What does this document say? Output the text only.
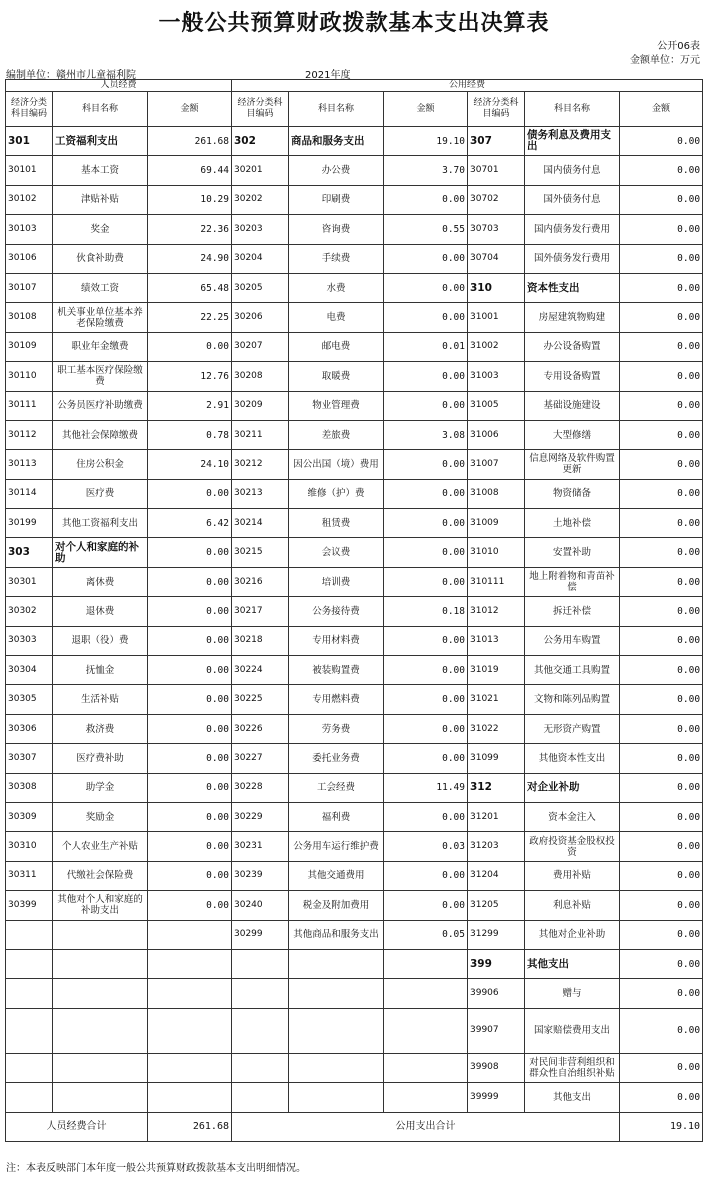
一般公共预算财政拨款基本支出决算表
公开06表
金额单位：万元
编制单位：赣州市儿童福利院	2021年度
人员经费			公用经费					
经济分类科目编码	科目名称	金额	经济分类科目编码	科目名称	金额	经济分类科目编码	科目名称	金额
301	工资福利支出	261.68	302	商品和服务支出	19.10	307	债务利息及费用支出	0.00
30101	基本工资	69.44	30201	办公费	3.70	30701	国内债务付息	0.00
30102	津贴补贴	10.29	30202	印刷费	0.00	30702	国外债务付息	0.00
30103	奖金	22.36	30203	咨询费	0.55	30703	国内债务发行费用	0.00
30106	伙食补助费	24.90	30204	手续费	0.00	30704	国外债务发行费用	0.00
30107	绩效工资	65.48	30205	水费	0.00	310	资本性支出	0.00
30108	机关事业单位基本养老保险缴费	22.25	30206	电费	0.00	31001	房屋建筑物购建	0.00
30109	职业年金缴费	0.00	30207	邮电费	0.01	31002	办公设备购置	0.00
30110	职工基本医疗保险缴费	12.76	30208	取暖费	0.00	31003	专用设备购置	0.00
30111	公务员医疗补助缴费	2.91	30209	物业管理费	0.00	31005	基础设施建设	0.00
30112	其他社会保障缴费	0.78	30211	差旅费	3.08	31006	大型修缮	0.00
30113	住房公积金	24.10	30212	因公出国（境）费用	0.00	31007	信息网络及软件购置更新	0.00
30114	医疗费	0.00	30213	维修（护）费	0.00	31008	物资储备	0.00
30199	其他工资福利支出	6.42	30214	租赁费	0.00	31009	土地补偿	0.00
303	对个人和家庭的补助	0.00	30215	会议费	0.00	31010	安置补助	0.00
30301	离休费	0.00	30216	培训费	0.00	310111	地上附着物和青苗补偿	0.00
30302	退休费	0.00	30217	公务接待费	0.18	31012	拆迁补偿	0.00
30303	退职（役）费	0.00	30218	专用材料费	0.00	31013	公务用车购置	0.00
30304	抚恤金	0.00	30224	被装购置费	0.00	31019	其他交通工具购置	0.00
30305	生活补贴	0.00	30225	专用燃料费	0.00	31021	文物和陈列品购置	0.00
30306	救济费	0.00	30226	劳务费	0.00	31022	无形资产购置	0.00
30307	医疗费补助	0.00	30227	委托业务费	0.00	31099	其他资本性支出	0.00
30308	助学金	0.00	30228	工会经费	11.49	312	对企业补助	0.00
30309	奖励金	0.00	30229	福利费	0.00	31201	资本金注入	0.00
30310	个人农业生产补贴	0.00	30231	公务用车运行维护费	0.03	31203	政府投资基金股权投资	0.00
30311	代缴社会保险费	0.00	30239	其他交通费用	0.00	31204	费用补贴	0.00
30399	其他对个人和家庭的补助支出	0.00	30240	税金及附加费用	0.00	31205	利息补贴	0.00
			30299	其他商品和服务支出	0.05	31299	其他对企业补助	0.00
						399	其他支出	0.00
						39906	赠与	0.00
						39907	国家赔偿费用支出	0.00
						39908	对民间非营利组织和群众性自治组织补贴	0.00
						39999	其他支出	0.00
人员经费合计		261.68	公用支出合计					19.10
注：本表反映部门本年度一般公共预算财政拨款基本支出明细情况。
